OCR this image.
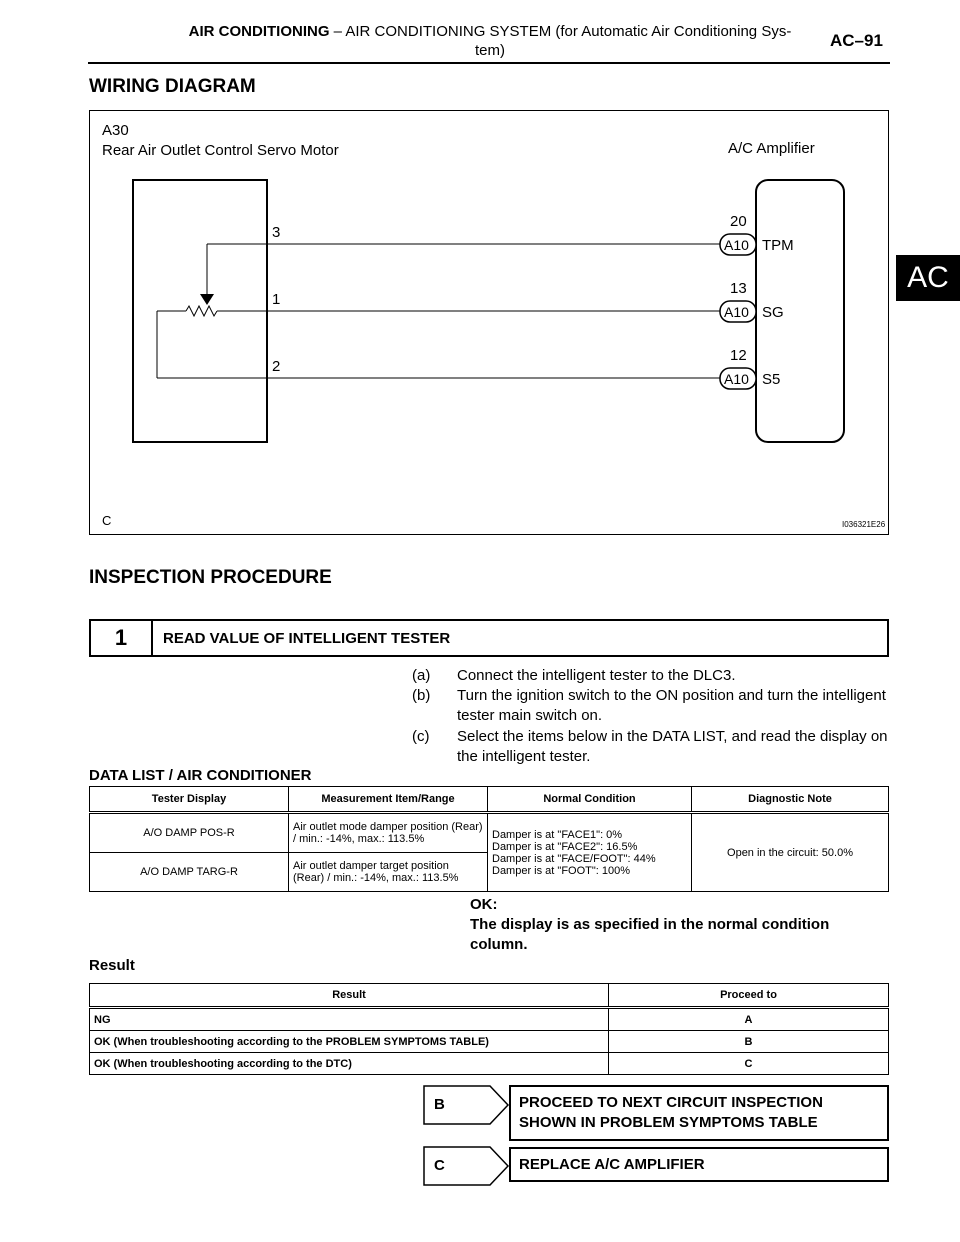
AIR CONDITIONING – AIR CONDITIONING SYSTEM (for Automatic Air Conditioning Sys-
tem)
AC–91
AC
WIRING DIAGRAM
A30
Rear Air Outlet Control Servo Motor	A/C Amplifier
3
1
2
20
13
12
A10
A10
A10
TPM
SG
S5
C	I036321E26
INSPECTION PROCEDURE
1	READ VALUE OF INTELLIGENT TESTER
(a) Connect the intelligent tester to the DLC3.
(b) Turn the ignition switch to the ON position and turn the intelligent tester main switch on.
(c) Select the items below in the DATA LIST, and read the display on the intelligent tester.
DATA LIST / AIR CONDITIONER
Tester Display	Measurement Item/Range	Normal Condition	Diagnostic Note
A/O DAMP POS-R	Air outlet mode damper position (Rear) / min.: -14%, max.: 113.5%	Damper is at "FACE1": 0%
Damper is at "FACE2": 16.5%
Damper is at "FACE/FOOT": 44%
Damper is at "FOOT": 100%	Open in the circuit: 50.0%
A/O DAMP TARG-R	Air outlet damper target position (Rear) / min.: -14%, max.: 113.5%		
OK:
The display is as specified in the normal condition column.
Result
Result	Proceed to
NG	A
OK (When troubleshooting according to the PROBLEM SYMPTOMS TABLE)	B
OK (When troubleshooting according to the DTC)	C
B
C
PROCEED TO NEXT CIRCUIT INSPECTION SHOWN IN PROBLEM SYMPTOMS TABLE
REPLACE A/C AMPLIFIER
